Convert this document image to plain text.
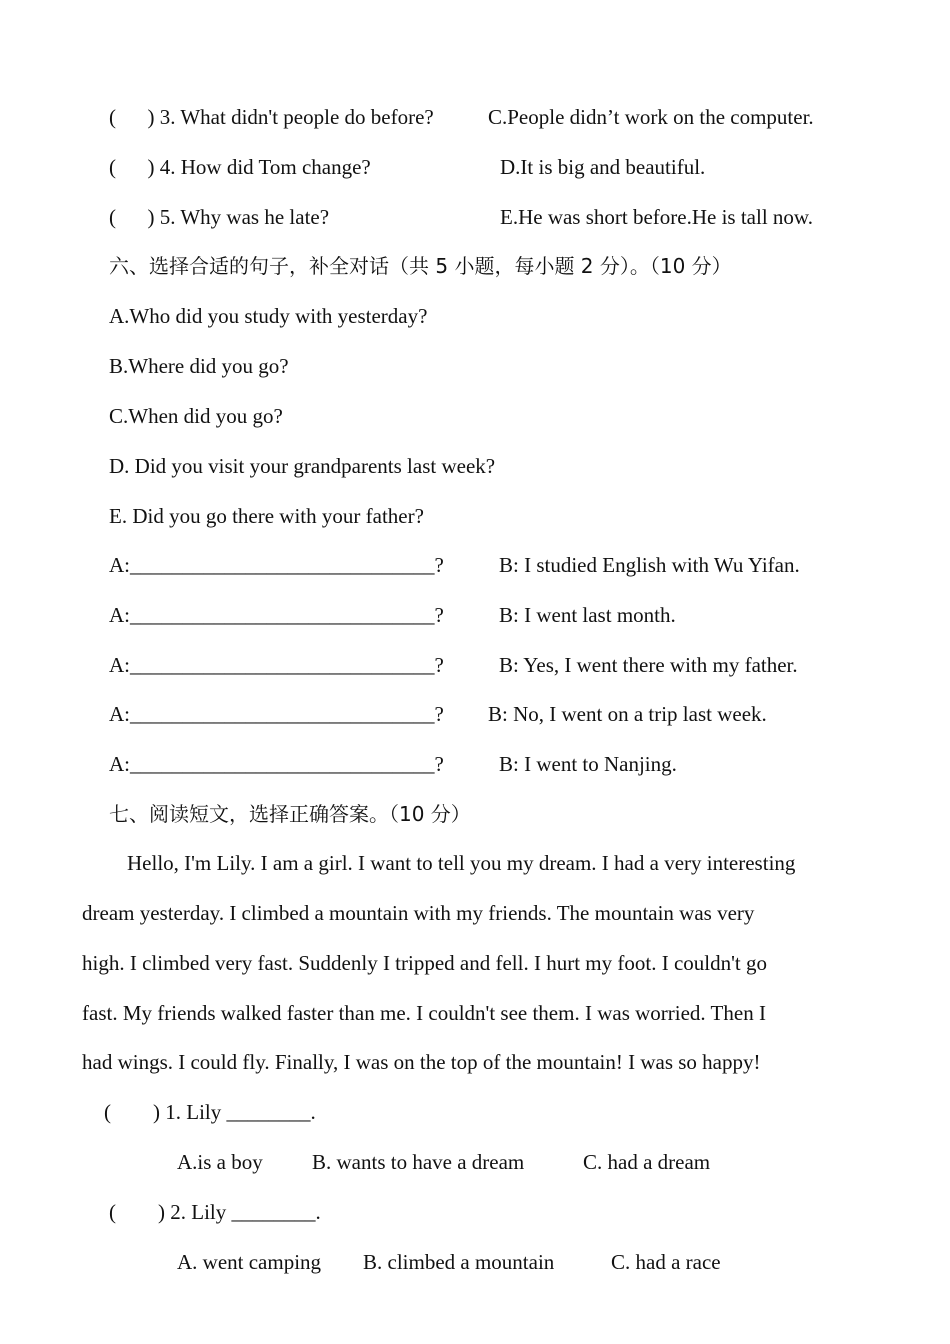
(      ) 3. What didn't people do before?	C.People didn’t work on the computer.
(      ) 4. How did Tom change?	D.It is big and beautiful.
(      ) 5. Why was he late?	E.He was short before.He is tall now.
六、选择合适的句子，补全对话（共 5 小题，每小题 2 分）。（10 分）
A.Who did you study with yesterday?
B.Where did you go?
C.When did you go?
D. Did you visit your grandparents last week?
E. Did you go there with your father?
A:_____________________________?	B: I studied English with Wu Yifan.
A:_____________________________?	B: I went last month.
A:_____________________________?	B: Yes, I went there with my father.
A:_____________________________? B: No, I went on a trip last week.
A:_____________________________?	B: I went to Nanjing.
七、阅读短文，选择正确答案。（10 分）
Hello, I'm Lily. I am a girl. I want to tell you my dream. I had a very interesting
dream yesterday. I climbed a mountain with my friends. The mountain was very
high. I climbed very fast. Suddenly I tripped and fell. I hurt my foot. I couldn't go
fast. My friends walked faster than me. I couldn't see them. I was worried. Then I
had wings. I could fly. Finally, I was on the top of the mountain! I was so happy!
(        ) 1. Lily ________.
A.is a boy B. wants to have a dream	C. had a dream
(        ) 2. Lily ________.
A. went camping B. climbed a mountain	C. had a race
